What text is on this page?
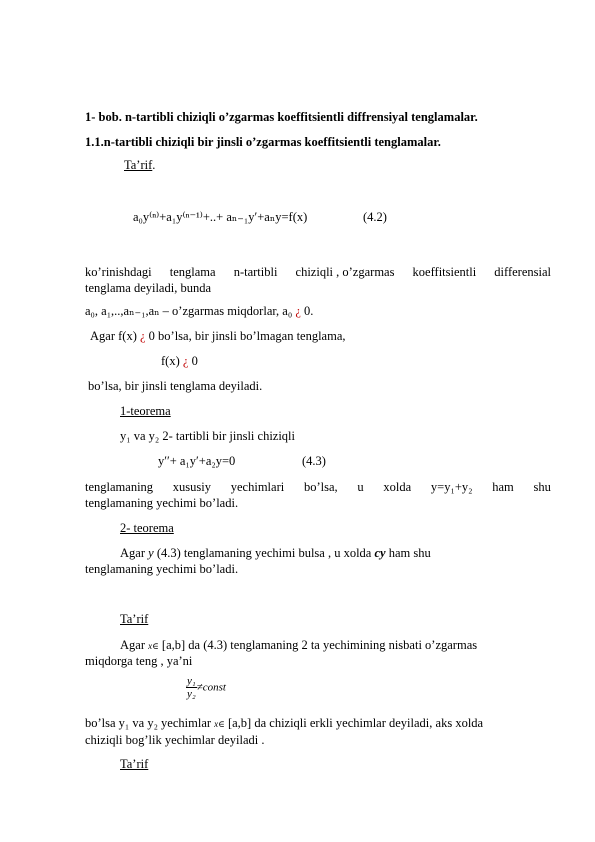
1- bob. n-tartibli chiziqli o’zgarmas koeffitsientli diffrensiyal tenglamalar.
1.1.n-tartibli chiziqli bir jinsli o’zgarmas koeffitsientli tenglamalar.
Ta’rif.
a₀y⁽ⁿ⁾+a₁y⁽ⁿ⁻¹⁾+..+ aₙ₋₁y′+aₙy=f(x)	(4.2)
ko’rinishdagi tenglama n-tartibli chiziqli , o’zgarmas koeffitsientli differensial
tenglama deyiladi, bunda
a₀, a₁,..,aₙ₋₁,aₙ – o’zgarmas miqdorlar, a₀ ¿ 0.
Agar f(x) ¿ 0 bo’lsa, bir jinsli bo’lmagan tenglama,
f(x) ¿ 0
bo’lsa, bir jinsli tenglama deyiladi.
1-teorema
y₁ va y₂ 2- tartibli bir jinsli chiziqli
y′′+ a₁y′+a₂y=0	(4.3)
tenglamaning xususiy yechimlari bo’lsa, u xolda y=y₁+y₂ ham shu
tenglamaning yechimi bo’ladi.
2- teorema
Agar y (4.3) tenglamaning yechimi bulsa , u xolda cy ham shu
tenglamaning yechimi bo’ladi.
Ta’rif
Agar x∈ [a,b] da (4.3) tenglamaning 2 ta yechimining nisbati o’zgarmas
miqdorga teng , ya’ni
$\frac{\text{y₁}}{\text{y₂}}\ne const$
bo’lsa y₁ va y₂ yechimlar x∈ [a,b] da chiziqli erkli yechimlar deyiladi, aks xolda
chiziqli bog’lik yechimlar deyiladi .
Ta’rif
